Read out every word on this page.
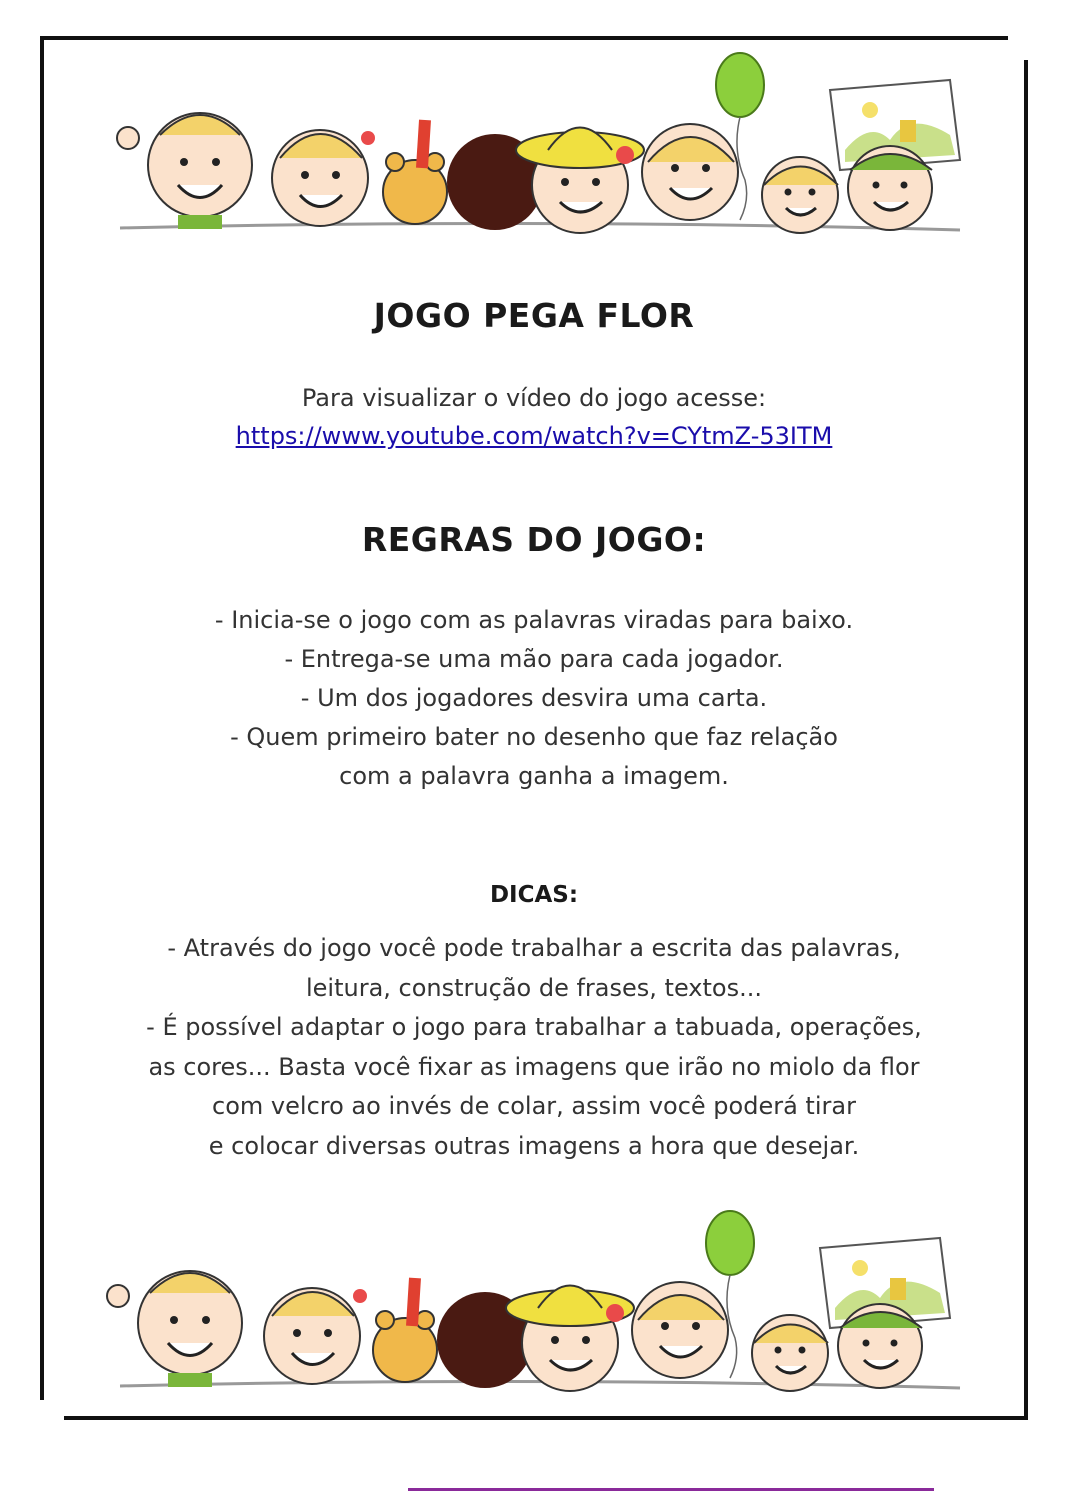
JOGO PEGA FLOR
Para visualizar o vídeo do jogo acesse:
https://www.youtube.com/watch?v=CYtmZ-53ITM
REGRAS DO JOGO:
- Inicia-se o jogo com as palavras viradas para baixo.
- Entrega-se uma mão para cada jogador.
- Um dos jogadores desvira uma carta.
- Quem primeiro bater no desenho que faz relação
com a palavra ganha a imagem.
DICAS:
- Através do jogo você pode trabalhar a escrita das palavras,
leitura, construção de frases, textos...
- É possível adaptar o jogo para trabalhar a tabuada, operações,
as cores... Basta você fixar as imagens que irão no miolo da flor
com velcro ao invés de colar, assim você poderá tirar
e colocar diversas outras imagens a hora que desejar.
